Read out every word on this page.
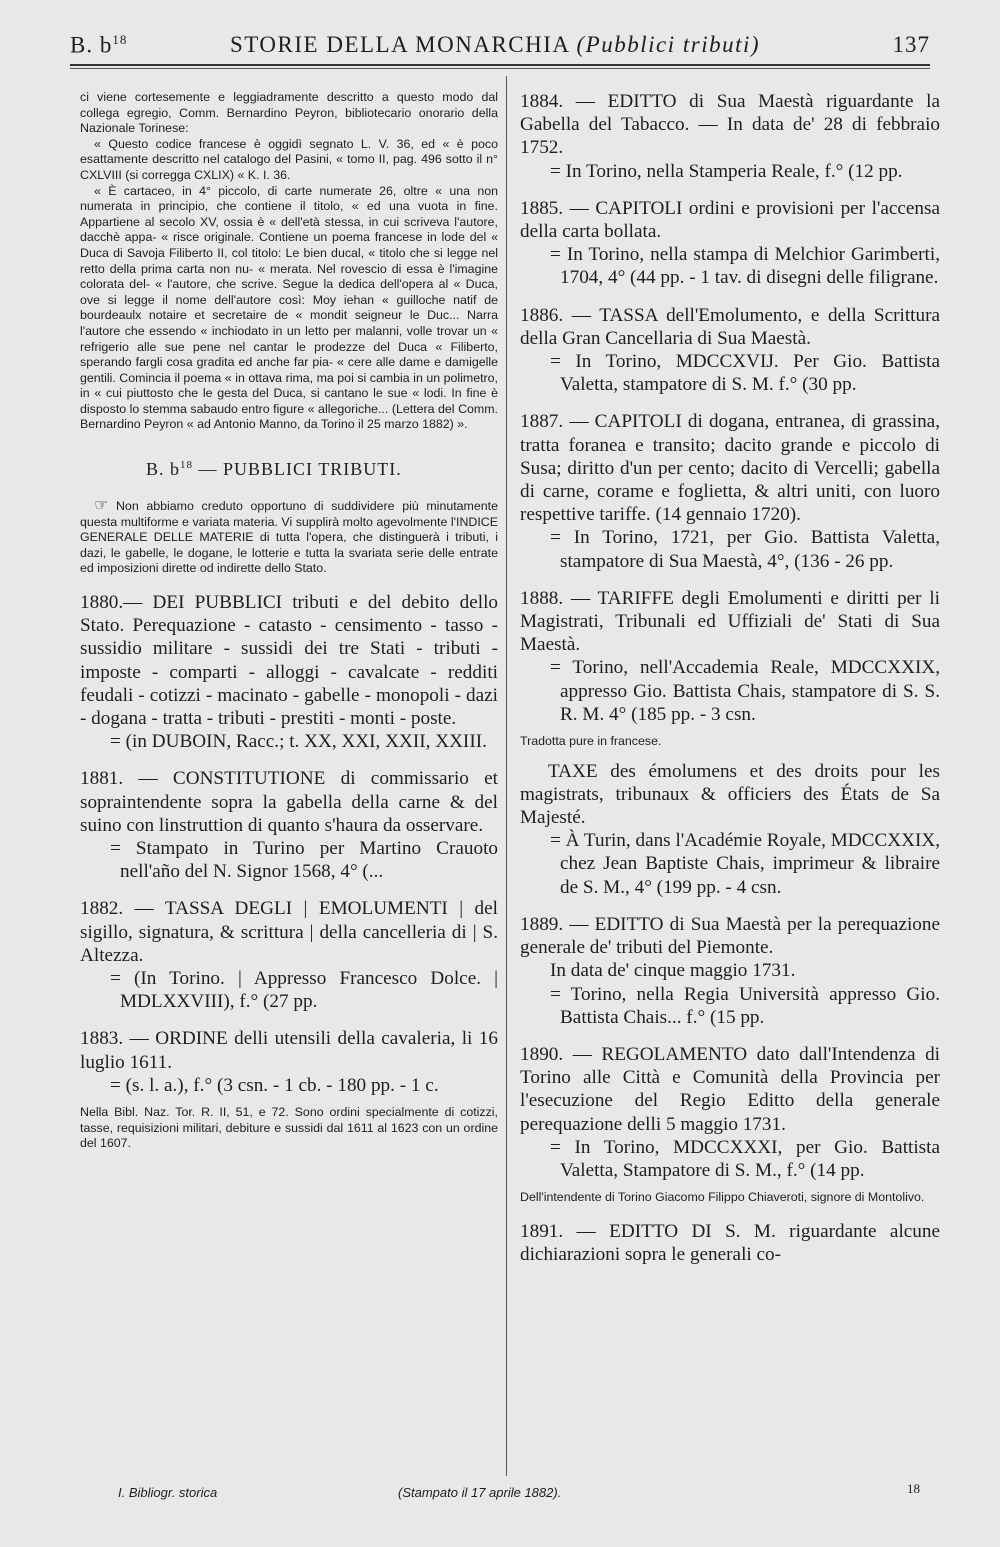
B. $b^{18}$	STORIE DELLA MONARCHIA (Pubblici tributi)	137

ci viene cortesemente e leggiadramente descritto a questo modo dal collega egregio, Comm. Bernardino Peyron, bibliotecario onorario della Nazionale Torinese:

« Questo codice francese è oggidì segnato L. V. 36, ed « è poco esattamente descritto nel catalogo del Pasini, « tomo II, pag. 496 sotto il n° CXLVIII (si corregga CXLIX) « K. I. 36.

« È cartaceo, in 4° piccolo, di carte numerate 26, oltre « una non numerata in principio, che contiene il titolo, « ed una vuota in fine. Appartiene al secolo XV, ossia è « dell'età stessa, in cui scriveva l'autore, dacchè appa- « risce originale. Contiene un poema francese in lode del « Duca di Savoja Filiberto II, col titolo: Le bien ducal, « titolo che si legge nel retto della prima carta non nu- « merata. Nel rovescio di essa è l'imagine colorata del- « l'autore, che scrive. Segue la dedica dell'opera al « Duca, ove si legge il nome dell'autore così: Moy iehan « guilloche natif de bourdeaulx notaire et secretaire de « mondit seigneur le Duc... Narra l'autore che essendo « inchiodato in un letto per malanni, volle trovar un « refrigerio alle sue pene nel cantar le prodezze del Duca « Filiberto, sperando fargli cosa gradita ed anche far pia- « cere alle dame e damigelle gentili. Comincia il poema « in ottava rima, ma poi si cambia in un polimetro, in « cui piuttosto che le gesta del Duca, si cantano le sue « lodi. In fine è disposto lo stemma sabaudo entro figure « allegoriche... (Lettera del Comm. Bernardino Peyron « ad Antonio Manno, da Torino il 25 marzo 1882) ».

B. $b^{18}$ — PUBBLICI TRIBUTI.

☞ Non abbiamo creduto opportuno di suddividere più minutamente questa multiforme e variata materia. Vi supplirà molto agevolmente l'INDICE GENERALE DELLE MATERIE di tutta l'opera, che distinguerà i tributi, i dazi, le gabelle, le dogane, le lotterie e tutta la svariata serie delle entrate ed imposizioni dirette od indirette dello Stato.

1880.— DEI PUBBLICI tributi e del debito dello Stato. Perequazione - catasto - censimento - tasso - sussidio militare - sussidi dei tre Stati - tributi - imposte - comparti - alloggi - cavalcate - redditi feudali - cotizzi - macinato - gabelle - monopoli - dazi - dogana - tratta - tributi - prestiti - monti - poste.

= (in DUBOIN, Racc.; t. XX, XXI, XXII, XXIII.

1881. — CONSTITUTIONE di commissario et sopraintendente sopra la gabella della carne & del suino con linstruttion di quanto s'haura da osservare.

= Stampato in Turino per Martino Crauoto nell'año del N. Signor 1568, 4° (...

1882. — TASSA DEGLI | EMOLUMENTI | del sigillo, signatura, & scrittura | della cancelleria di | S. Altezza.

= (In Torino. | Appresso Francesco Dolce. | MDLXXVIII), f.° (27 pp.

1883. — ORDINE delli utensili della cavaleria, li 16 luglio 1611.

= (s. l. a.), f.° (3 csn. - 1 cb. - 180 pp. - 1 c.

Nella Bibl. Naz. Tor. R. II, 51, e 72. Sono ordini specialmente di cotizzi, tasse, requisizioni militari, debiture e sussidi dal 1611 al 1623 con un ordine del 1607.

1884. — EDITTO di Sua Maestà riguardante la Gabella del Tabacco. — In data de' 28 di febbraio 1752.

= In Torino, nella Stamperia Reale, f.° (12 pp.

1885. — CAPITOLI ordini e provisioni per l'accensa della carta bollata.

= In Torino, nella stampa di Melchior Garimberti, 1704, 4° (44 pp. - 1 tav. di disegni delle filigrane.

1886. — TASSA dell'Emolumento, e della Scrittura della Gran Cancellaria di Sua Maestà.

= In Torino, MDCCXVIJ. Per Gio. Battista Valetta, stampatore di S. M. f.° (30 pp.

1887. — CAPITOLI di dogana, entranea, di grassina, tratta foranea e transito; dacito grande e piccolo di Susa; diritto d'un per cento; dacito di Vercelli; gabella di carne, corame e foglietta, & altri uniti, con luoro respettive tariffe. (14 gennaio 1720).

= In Torino, 1721, per Gio. Battista Valetta, stampatore di Sua Maestà, 4°, (136 - 26 pp.

1888. — TARIFFE degli Emolumenti e diritti per li Magistrati, Tribunali ed Uffiziali de' Stati di Sua Maestà.

= Torino, nell'Accademia Reale, MDCCXXIX, appresso Gio. Battista Chais, stampatore di S. S. R. M. 4° (185 pp. - 3 csn.

Tradotta pure in francese.

TAXE des émolumens et des droits pour les magistrats, tribunaux & officiers des États de Sa Majesté.

= À Turin, dans l'Académie Royale, MDCCXXIX, chez Jean Baptiste Chais, imprimeur & libraire de S. M., 4° (199 pp. - 4 csn.

1889. — EDITTO di Sua Maestà per la perequazione generale de' tributi del Piemonte.

In data de' cinque maggio 1731.

= Torino, nella Regia Università appresso Gio. Battista Chais... f.° (15 pp.

1890. — REGOLAMENTO dato dall'Intendenza di Torino alle Città e Comunità della Provincia per l'esecuzione del Regio Editto della generale perequazione delli 5 maggio 1731.

= In Torino, MDCCXXXI, per Gio. Battista Valetta, Stampatore di S. M., f.° (14 pp.

Dell'intendente di Torino Giacomo Filippo Chiaveroti, signore di Montolivo.

1891. — EDITTO DI S. M. riguardante alcune dichiarazioni sopra le generali co-

I. Bibliogr. storica	(Stampato il 17 aprile 1882).	18
